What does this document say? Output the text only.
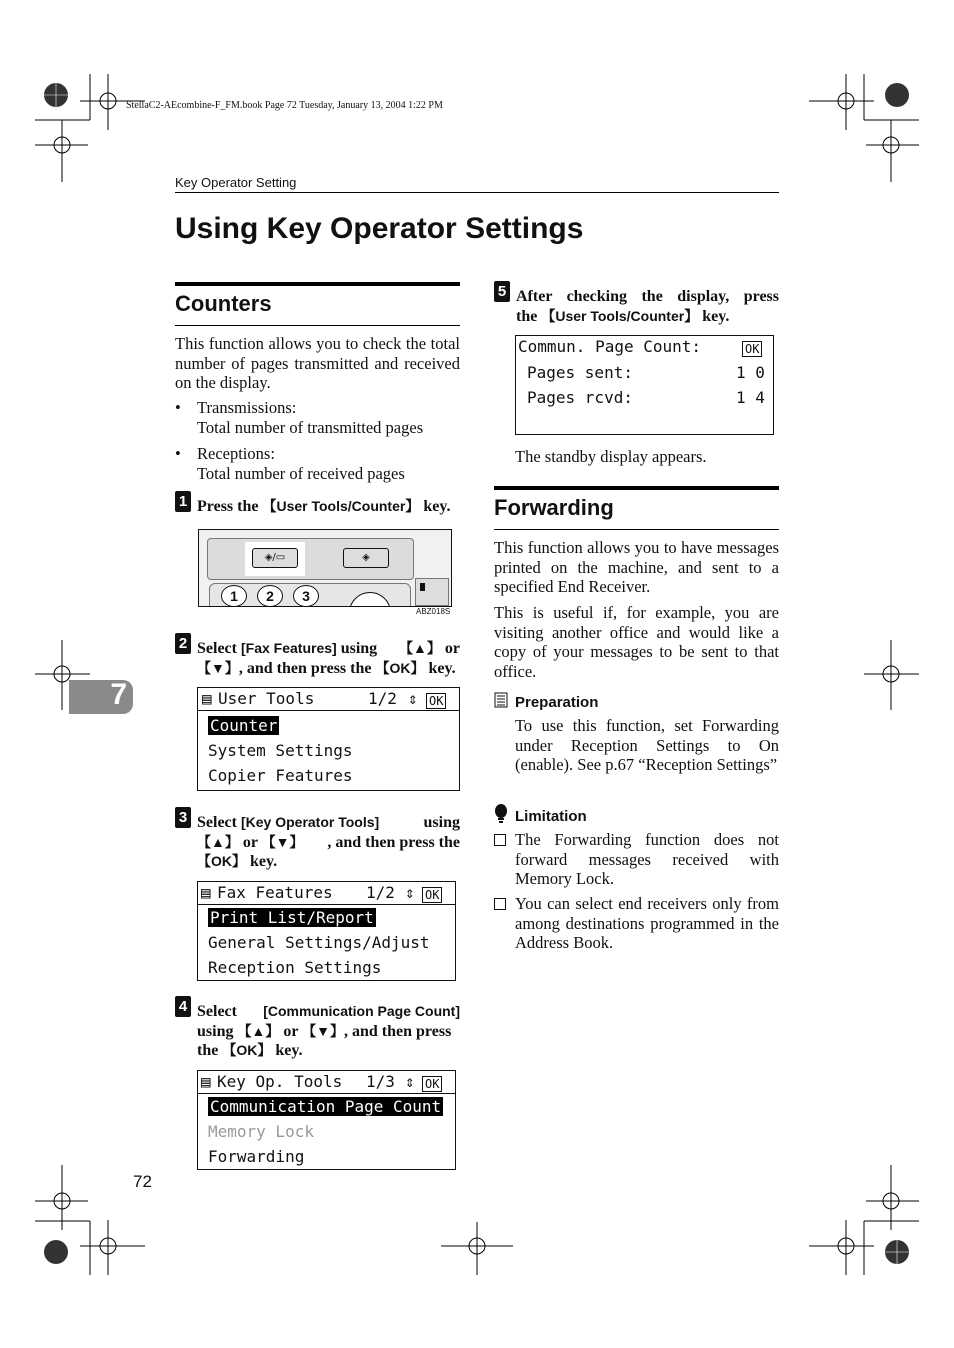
StellaC2-AEcombine-F_FM.book Page 72 Tuesday, January 13, 2004 1:22 PM
Key Operator Setting
Using Key Operator Settings
7
72
Counters
This function allows you to check the total number of pages transmitted and received on the display.
• Transmissions:
Total number of transmitted pages
• Receptions:
Total number of received pages
1 Press the 【User Tools/Counter】 key.
◈/▭	◈
1	2	3
ABZ018S
2 Select [Fax Features] using 【▲】 or
【▼】, and then press the 【OK】 key.
▤ User Tools	1/2 ⇕ OK
Counter
System Settings
Copier Features
3 Select [Key Operator Tools]	using
【▲】 or 【▼】 , and then press the
【OK】 key.
▤ Fax Features 1/2 ⇕ OK
Print List/Report
General Settings/Adjust
Reception Settings
4 Select [Communication Page Count]
using 【▲】 or 【▼】, and then press
the 【OK】 key.
▤ Key Op. Tools 1/3 ⇕ OK
Communication Page Count
Memory Lock
Forwarding
5 After checking the display, press
the 【User Tools/Counter】 key.
Commun. Page Count:	OK
Pages sent:	1 0
Pages rcvd:	1 4
The standby display appears.
Forwarding
This function allows you to have messages printed on the machine, and sent to a specified End Receiver.
This is useful if, for example, you are visiting another office and would like a copy of your messages to be sent to that office.
Preparation
To use this function, set Forwarding under Reception Settings to On (enable). See p.67 “Reception Settings”
Limitation
The Forwarding function does not forward messages received with Memory Lock.
You can select end receivers only from among destinations programmed in the Address Book.
